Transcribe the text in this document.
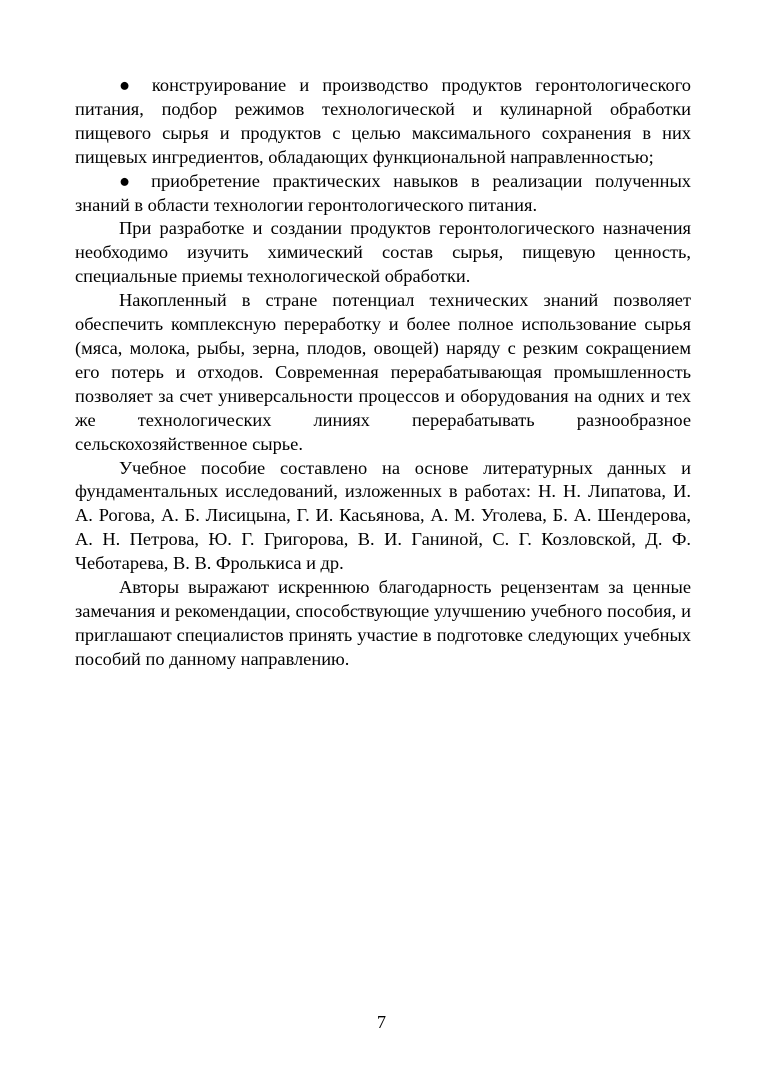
● конструирование и производство продуктов геронтологического питания, подбор режимов технологической и кулинарной обработки пищевого сырья и продуктов с целью максимального сохранения в них пищевых ингредиентов, обладающих функциональной направленностью;

● приобретение практических навыков в реализации полученных знаний в области технологии геронтологического питания.

При разработке и создании продуктов геронтологического назначения необходимо изучить химический состав сырья, пищевую ценность, специальные приемы технологической обработки.

Накопленный в стране потенциал технических знаний позволяет обеспечить комплексную переработку и более полное использование сырья (мяса, молока, рыбы, зерна, плодов, овощей) наряду с резким сокращением его потерь и отходов. Современная перерабатывающая промышленность позволяет за счет универсальности процессов и оборудования на одних и тех же технологических линиях перерабатывать разнообразное сельскохозяйственное сырье.

Учебное пособие составлено на основе литературных данных и фундаментальных исследований, изложенных в работах: Н. Н. Липатова, И. А. Рогова, А. Б. Лисицына, Г. И. Касьянова, А. М. Уголева, Б. А. Шендерова, А. Н. Петрова, Ю. Г. Григорова, В. И. Ганиной, С. Г. Козловской, Д. Ф. Чеботарева, В. В. Фролькиса и др.

Авторы выражают искреннюю благодарность рецензентам за ценные замечания и рекомендации, способствующие улучшению учебного пособия, и приглашают специалистов принять участие в подготовке следующих учебных пособий по данному направлению.

7
